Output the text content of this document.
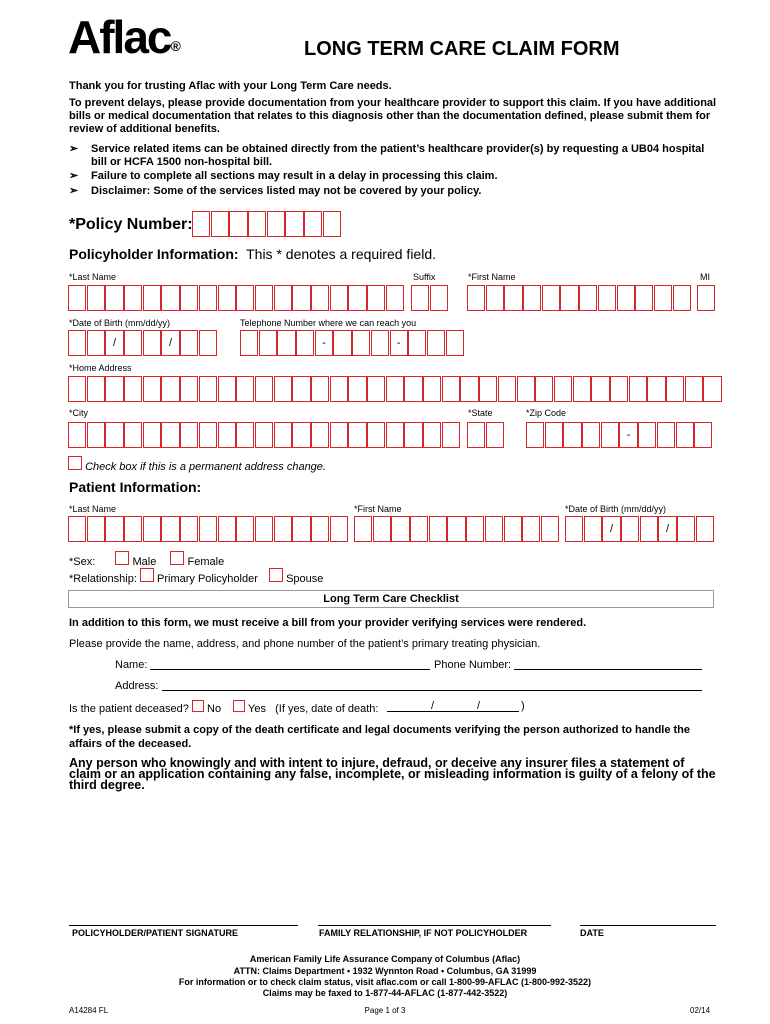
Aflac®	LONG TERM CARE CLAIM FORM
Thank you for trusting Aflac with your Long Term Care needs.
To prevent delays, please provide documentation from your healthcare provider to support this claim. If you have additional bills or medical documentation that relates to this diagnosis other than the documentation defined, please submit them for review of additional benefits.
➢	Service related items can be obtained directly from the patient’s healthcare provider(s) by requesting a UB04 hospital bill or HCFA 1500 non-hospital bill.
➢	Failure to complete all sections may result in a delay in processing this claim.
➢	Disclaimer: Some of the services listed may not be covered by your policy.
*Policy Number:
Policyholder Information: This * denotes a required field.
*Last Name	Suffix	*First Name	MI
*Date of Birth (mm/dd/yy)	Telephone Number where we can reach you
/	/	-	-
*Home Address
*City	*State	*Zip Code
-
Check box if this is a permanent address change.
Patient Information:
*Last Name	*First Name	*Date of Birth (mm/dd/yy)
/	/
*Sex:	Male	Female
*Relationship: Primary Policyholder	Spouse
Long Term Care Checklist
In addition to this form, we must receive a bill from your provider verifying services were rendered.
Please provide the name, address, and phone number of the patient’s primary treating physician.
Name:	Phone Number:
Address:
Is the patient deceased? No Yes (If yes, date of death:	/	/	)
*If yes, please submit a copy of the death certificate and legal documents verifying the person authorized to handle the affairs of the deceased.
Any person who knowingly and with intent to injure, defraud, or deceive any insurer files a statement of claim or an application containing any false, incomplete, or misleading information is guilty of a felony of the third degree.
POLICYHOLDER/PATIENT SIGNATURE	FAMILY RELATIONSHIP, IF NOT POLICYHOLDER	DATE
American Family Life Assurance Company of Columbus (Aflac)
ATTN: Claims Department • 1932 Wynnton Road • Columbus, GA 31999
For information or to check claim status, visit aflac.com or call 1-800-99-AFLAC (1-800-992-3522)
Claims may be faxed to 1-877-44-AFLAC (1-877-442-3522)
A14284 FL	Page 1 of 3	02/14
